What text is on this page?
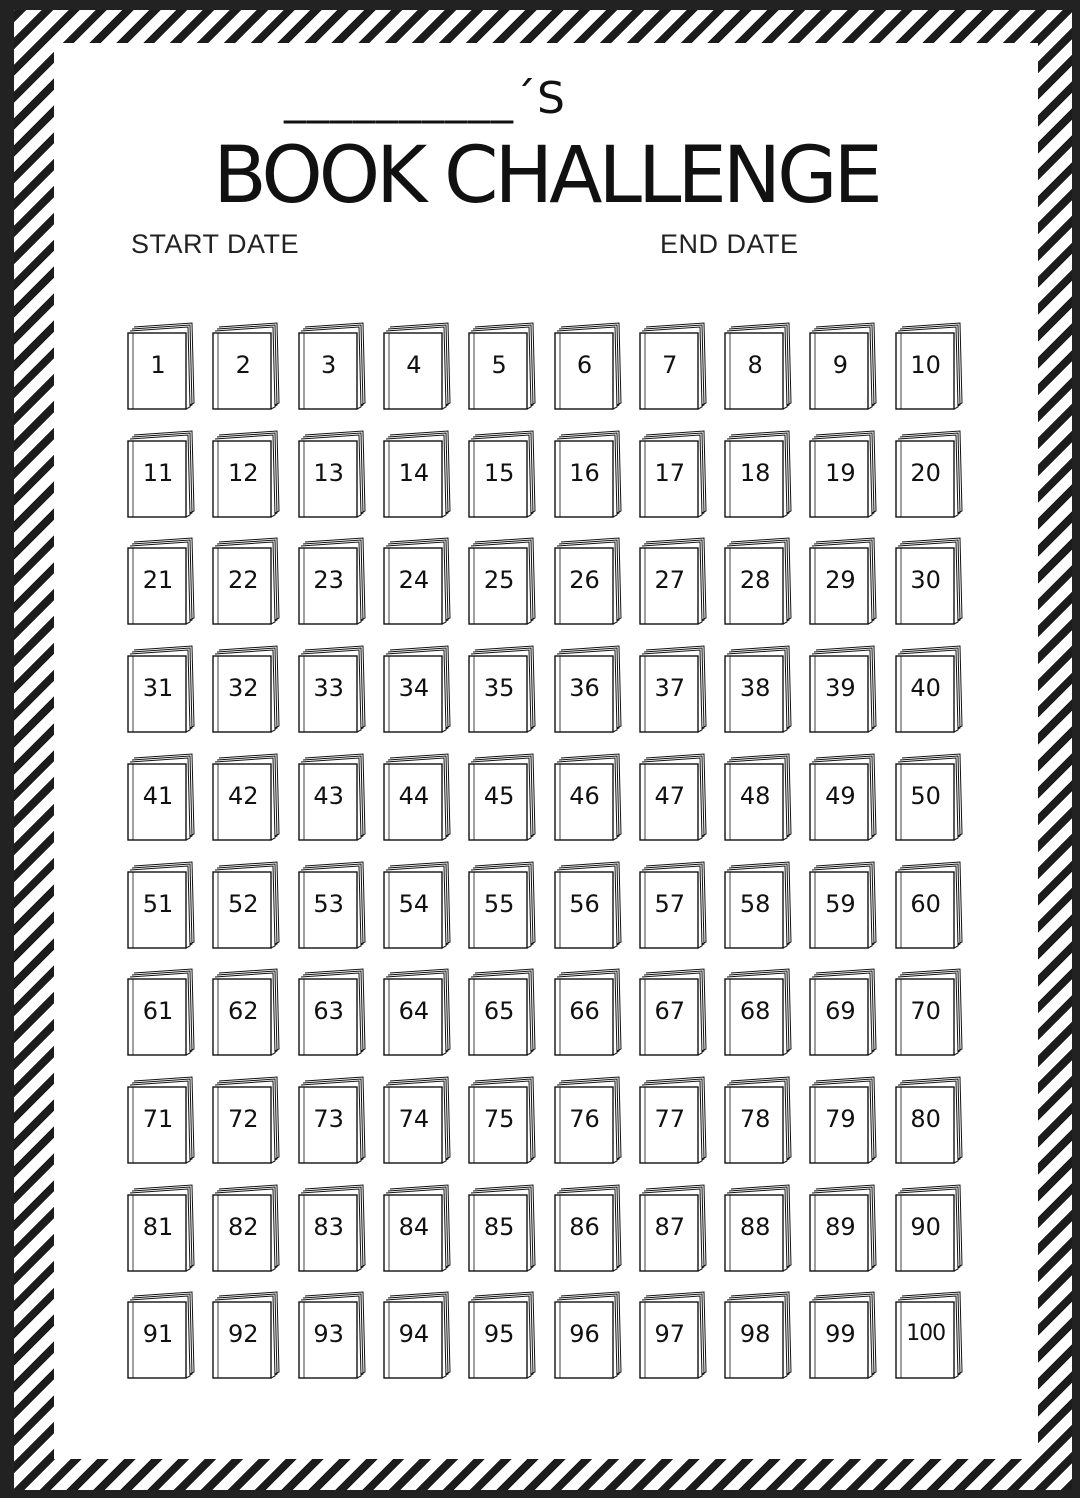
__________´S
BOOK CHALLENGE
START DATE	END DATE
1	2	3	4	5	6	7	8	9	10
11	12	13	14	15	16	17	18	19	20
21	22	23	24	25	26	27	28	29	30
31	32	33	34	35	36	37	38	39	40
41	42	43	44	45	46	47	48	49	50
51	52	53	54	55	56	57	58	59	60
61	62	63	64	65	66	67	68	69	70
71	72	73	74	75	76	77	78	79	80
81	82	83	84	85	86	87	88	89	90
91	92	93	94	95	96	97	98	99	100
